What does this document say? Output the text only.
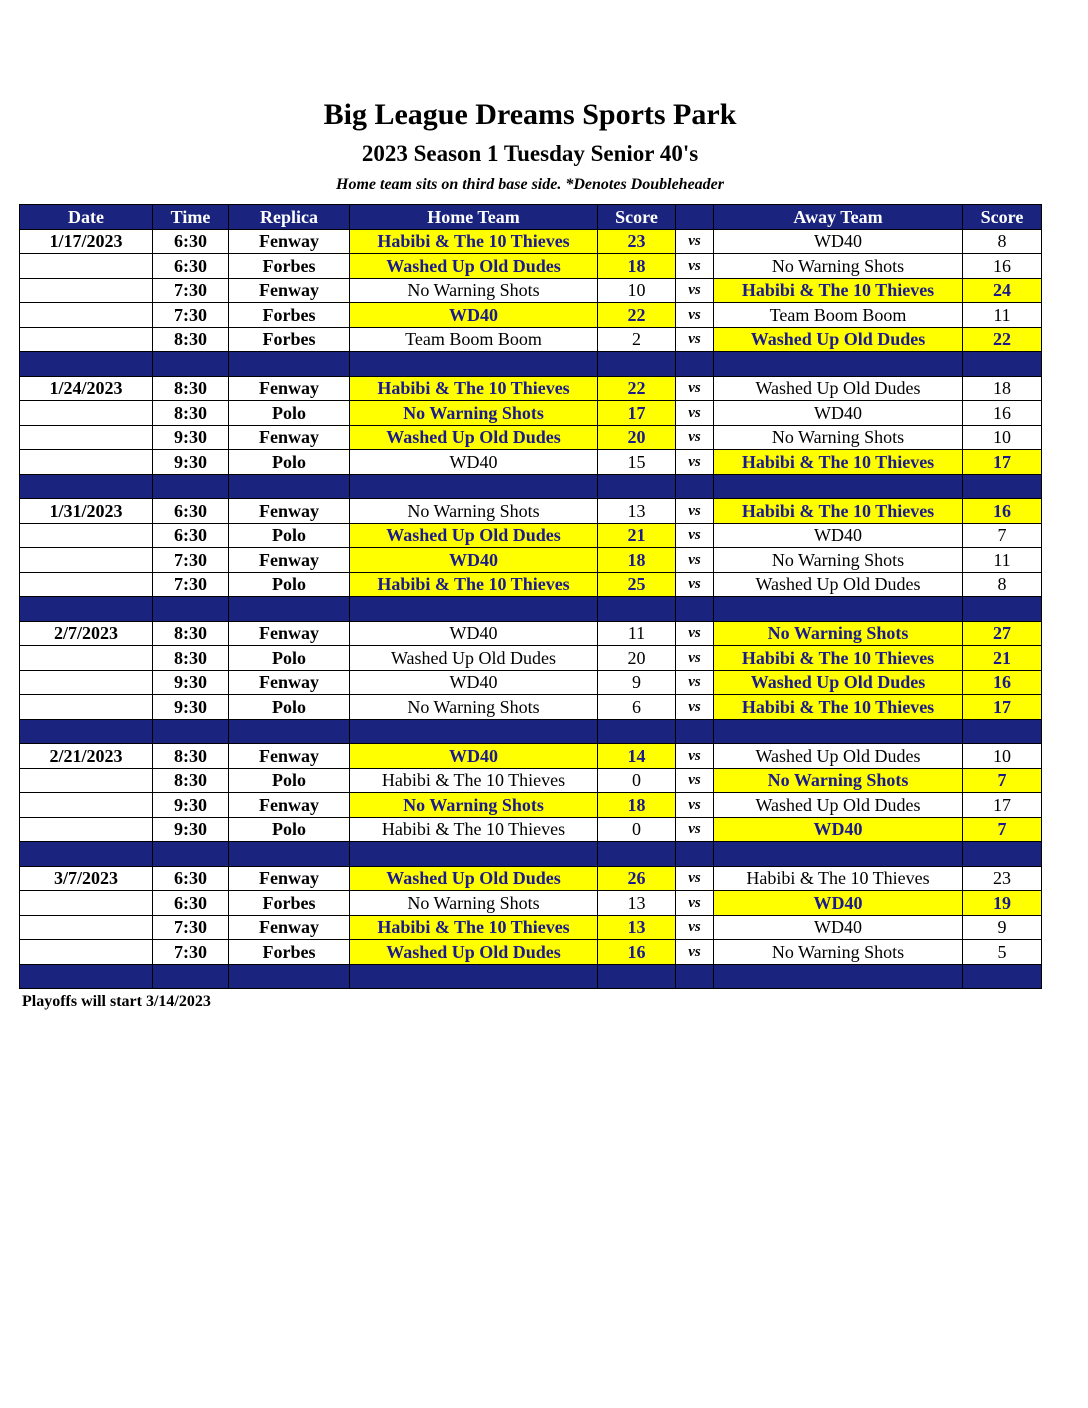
Big League Dreams Sports Park
2023 Season 1 Tuesday Senior 40's
Home team sits on third base side. *Denotes Doubleheader
Date	Time	Replica	Home Team	Score		Away Team	Score
1/17/2023	6:30	Fenway	Habibi & The 10 Thieves	23	vs	WD40	8
	6:30	Forbes	Washed Up Old Dudes	18	vs	No Warning Shots	16
	7:30	Fenway	No Warning Shots	10	vs	Habibi & The 10 Thieves	24
	7:30	Forbes	WD40	22	vs	Team Boom Boom	11
	8:30	Forbes	Team Boom Boom	2	vs	Washed Up Old Dudes	22

1/24/2023	8:30	Fenway	Habibi & The 10 Thieves	22	vs	Washed Up Old Dudes	18
	8:30	Polo	No Warning Shots	17	vs	WD40	16
	9:30	Fenway	Washed Up Old Dudes	20	vs	No Warning Shots	10
	9:30	Polo	WD40	15	vs	Habibi & The 10 Thieves	17

1/31/2023	6:30	Fenway	No Warning Shots	13	vs	Habibi & The 10 Thieves	16
	6:30	Polo	Washed Up Old Dudes	21	vs	WD40	7
	7:30	Fenway	WD40	18	vs	No Warning Shots	11
	7:30	Polo	Habibi & The 10 Thieves	25	vs	Washed Up Old Dudes	8

2/7/2023	8:30	Fenway	WD40	11	vs	No Warning Shots	27
	8:30	Polo	Washed Up Old Dudes	20	vs	Habibi & The 10 Thieves	21
	9:30	Fenway	WD40	9	vs	Washed Up Old Dudes	16
	9:30	Polo	No Warning Shots	6	vs	Habibi & The 10 Thieves	17

2/21/2023	8:30	Fenway	WD40	14	vs	Washed Up Old Dudes	10
	8:30	Polo	Habibi & The 10 Thieves	0	vs	No Warning Shots	7
	9:30	Fenway	No Warning Shots	18	vs	Washed Up Old Dudes	17
	9:30	Polo	Habibi & The 10 Thieves	0	vs	WD40	7

3/7/2023	6:30	Fenway	Washed Up Old Dudes	26	vs	Habibi & The 10 Thieves	23
	6:30	Forbes	No Warning Shots	13	vs	WD40	19
	7:30	Fenway	Habibi & The 10 Thieves	13	vs	WD40	9
	7:30	Forbes	Washed Up Old Dudes	16	vs	No Warning Shots	5

Playoffs will start 3/14/2023
